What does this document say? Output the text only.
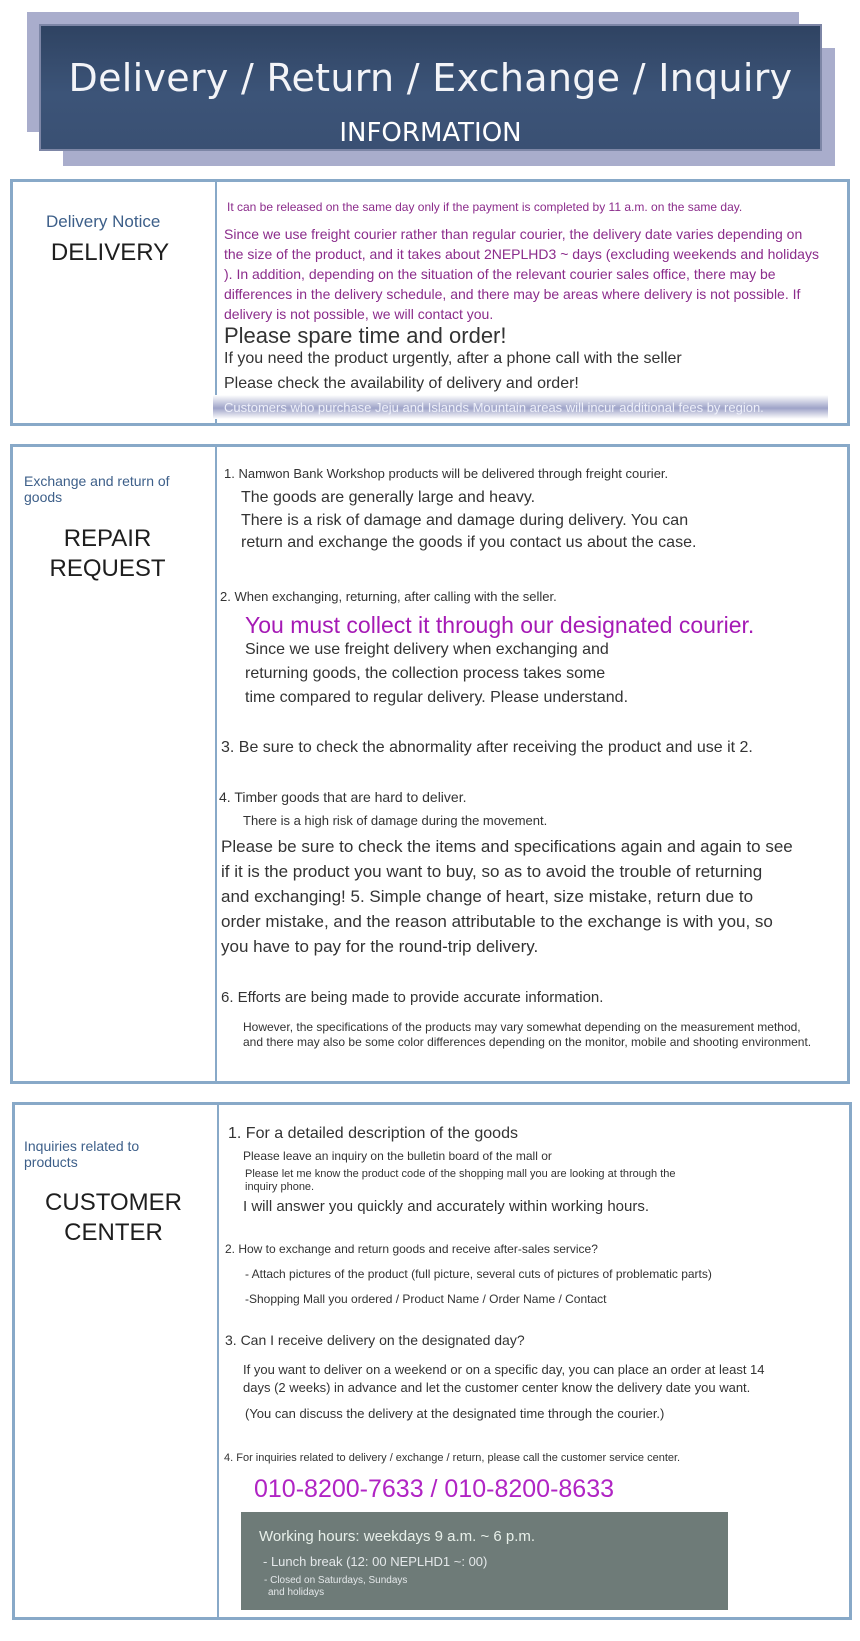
Delivery / Return / Exchange / Inquiry
INFORMATION
Delivery Notice
DELIVERY
It can be released on the same day only if the payment is completed by 11 a.m. on the same day.
Since we use freight courier rather than regular courier, the delivery date varies depending on
the size of the product, and it takes about 2NEPLHD3 ~ days (excluding weekends and holidays
). In addition, depending on the situation of the relevant courier sales office, there may be
differences in the delivery schedule, and there may be areas where delivery is not possible. If
delivery is not possible, we will contact you.
Please spare time and order!
If you need the product urgently, after a phone call with the seller
Please check the availability of delivery and order!
Customers who purchase Jeju and Islands Mountain areas will incur additional fees by region.
Exchange and return of
goods
REPAIR
REQUEST
1. Namwon Bank Workshop products will be delivered through freight courier.
The goods are generally large and heavy.
There is a risk of damage and damage during delivery. You can
return and exchange the goods if you contact us about the case.
2. When exchanging, returning, after calling with the seller.
You must collect it through our designated courier.
Since we use freight delivery when exchanging and
returning goods, the collection process takes some
time compared to regular delivery. Please understand.
3. Be sure to check the abnormality after receiving the product and use it 2.
4. Timber goods that are hard to deliver.
There is a high risk of damage during the movement.
Please be sure to check the items and specifications again and again to see
if it is the product you want to buy, so as to avoid the trouble of returning
and exchanging! 5. Simple change of heart, size mistake, return due to
order mistake, and the reason attributable to the exchange is with you, so
you have to pay for the round-trip delivery.
6. Efforts are being made to provide accurate information.
However, the specifications of the products may vary somewhat depending on the measurement method,
and there may also be some color differences depending on the monitor, mobile and shooting environment.
Inquiries related to
products
CUSTOMER
CENTER
1. For a detailed description of the goods
Please leave an inquiry on the bulletin board of the mall or
Please let me know the product code of the shopping mall you are looking at through the
inquiry phone.
I will answer you quickly and accurately within working hours.
2. How to exchange and return goods and receive after-sales service?
- Attach pictures of the product (full picture, several cuts of pictures of problematic parts)
-Shopping Mall you ordered / Product Name / Order Name / Contact
3. Can I receive delivery on the designated day?
If you want to deliver on a weekend or on a specific day, you can place an order at least 14
days (2 weeks) in advance and let the customer center know the delivery date you want.
(You can discuss the delivery at the designated time through the courier.)
4. For inquiries related to delivery / exchange / return, please call the customer service center.
010-8200-7633 / 010-8200-8633
Working hours: weekdays 9 a.m. ~ 6 p.m.
- Lunch break (12: 00 NEPLHD1 ~: 00)
- Closed on Saturdays, Sundays
and holidays
